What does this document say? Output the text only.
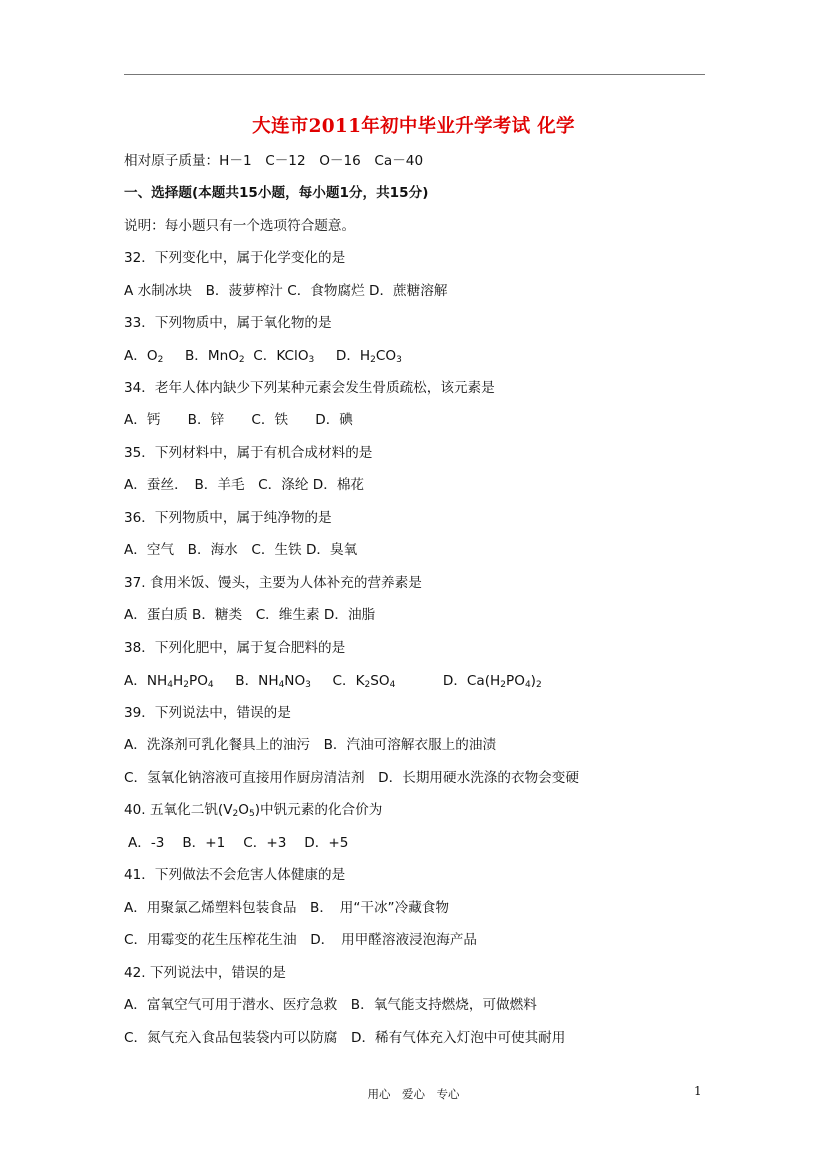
大连市2011年初中毕业升学考试 化学
相对原子质量：H－1　C－12　O－16　Ca－40
一、选择题(本题共15小题，每小题1分，共15分)
说明：每小题只有一个选项符合题意。
32．下列变化中，属于化学变化的是
A 水制冰块　B．菠萝榨汁 C．食物腐烂 D．蔗糖溶解
33．下列物质中，属于氧化物的是
A．$O_2$ B．MnO$_2$ C．KClO$_3$ D．$H_2CO_3$
34．老年人体内缺少下列某种元素会发生骨质疏松，该元素是
A．钙　　B．锌　　C．铁　　D．碘
35．下列材料中，属于有机合成材料的是
A．蚕丝．　B．羊毛　C．涤纶 D．棉花
36．下列物质中，属于纯净物的是
A．空气　B．海水　C．生铁 D．臭氧
37. 食用米饭、馒头，主要为人体补充的营养素是
A．蛋白质 B．糖类　C．维生素 D．油脂
38．下列化肥中，属于复合肥料的是
A．$NH_4H_2PO_4$ B．$NH_4NO_3$ C．$K_2SO_4$	D．$Ca(H_2PO_4)_2$
39．下列说法中，错误的是
A．洗涤剂可乳化餐具上的油污　B．汽油可溶解衣服上的油渍
C．氢氧化钠溶液可直接用作厨房清洁剂　D．长期用硬水洗涤的衣物会变硬
40. 五氧化二钒$(V_2O_5)$中钒元素的化合价为
A．-3　 B．+1　 C．+3　 D．+5
41．下列做法不会危害人体健康的是
A．用聚氯乙烯塑料包装食品　B．　用“干冰”冷藏食物
C．用霉变的花生压榨花生油　D．　用甲醛溶液浸泡海产品
42. 下列说法中，错误的是
A．富氧空气可用于潜水、医疗急救　B．氧气能支持燃烧，可做燃料
C．氮气充入食品包装袋内可以防腐　D．稀有气体充入灯泡中可使其耐用
用心　爱心　专心	1
